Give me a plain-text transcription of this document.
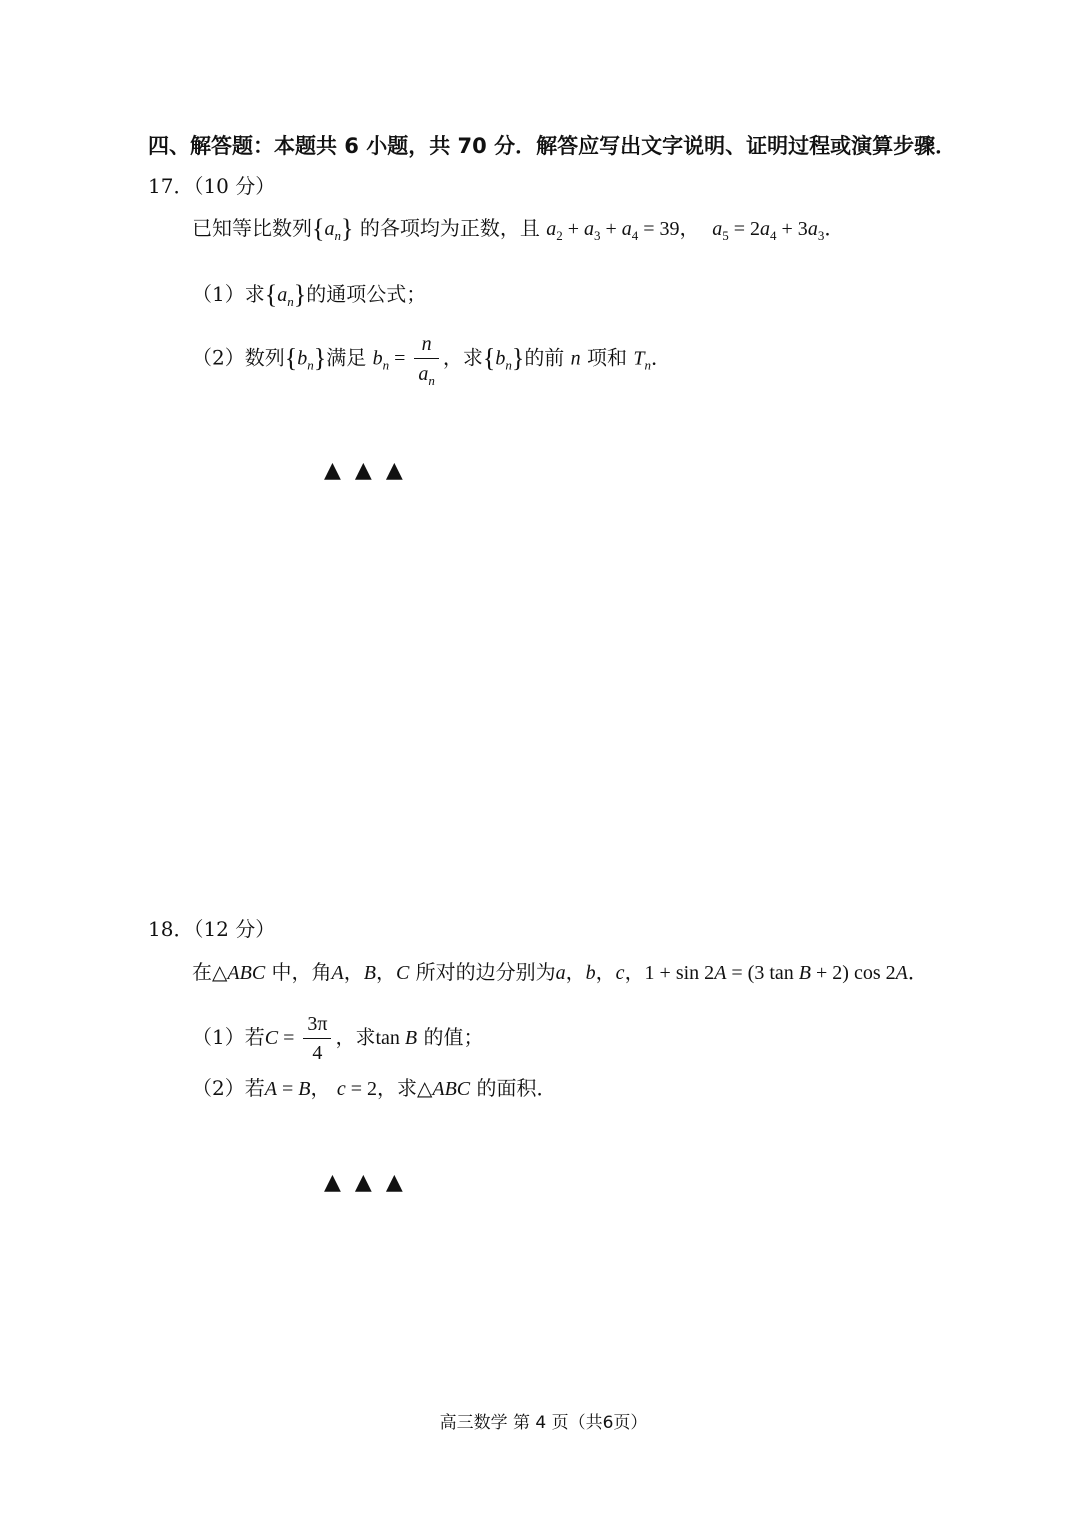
四、解答题：本题共 6 小题，共 70 分．解答应写出文字说明、证明过程或演算步骤．
17．（10 分）
已知等比数列$\{a_n\}$ 的各项均为正数，且 $a_2 + a_3 + a_4 = 39$， $a_5 = 2a_4 + 3a_3$．
（1）求$\{a_n\}$的通项公式；
（2）数列$\{b_n\}$满足 $b_n = \frac{n}{a_n}$ ，求$\{b_n\}$的前 n 项和 $T_n$．
▲▲▲
18．（12 分）
在△ABC 中，角A，B，C 所对的边分别为a，b，c，1 + sin 2A = (3 tan B + 2) cos 2A．
（1）若$C = \frac{3\pi}{4}$ ，求tan B 的值；
（2）若A = B， c = 2，求△ABC 的面积．
▲▲▲
高三数学 第 4 页（共6页）
